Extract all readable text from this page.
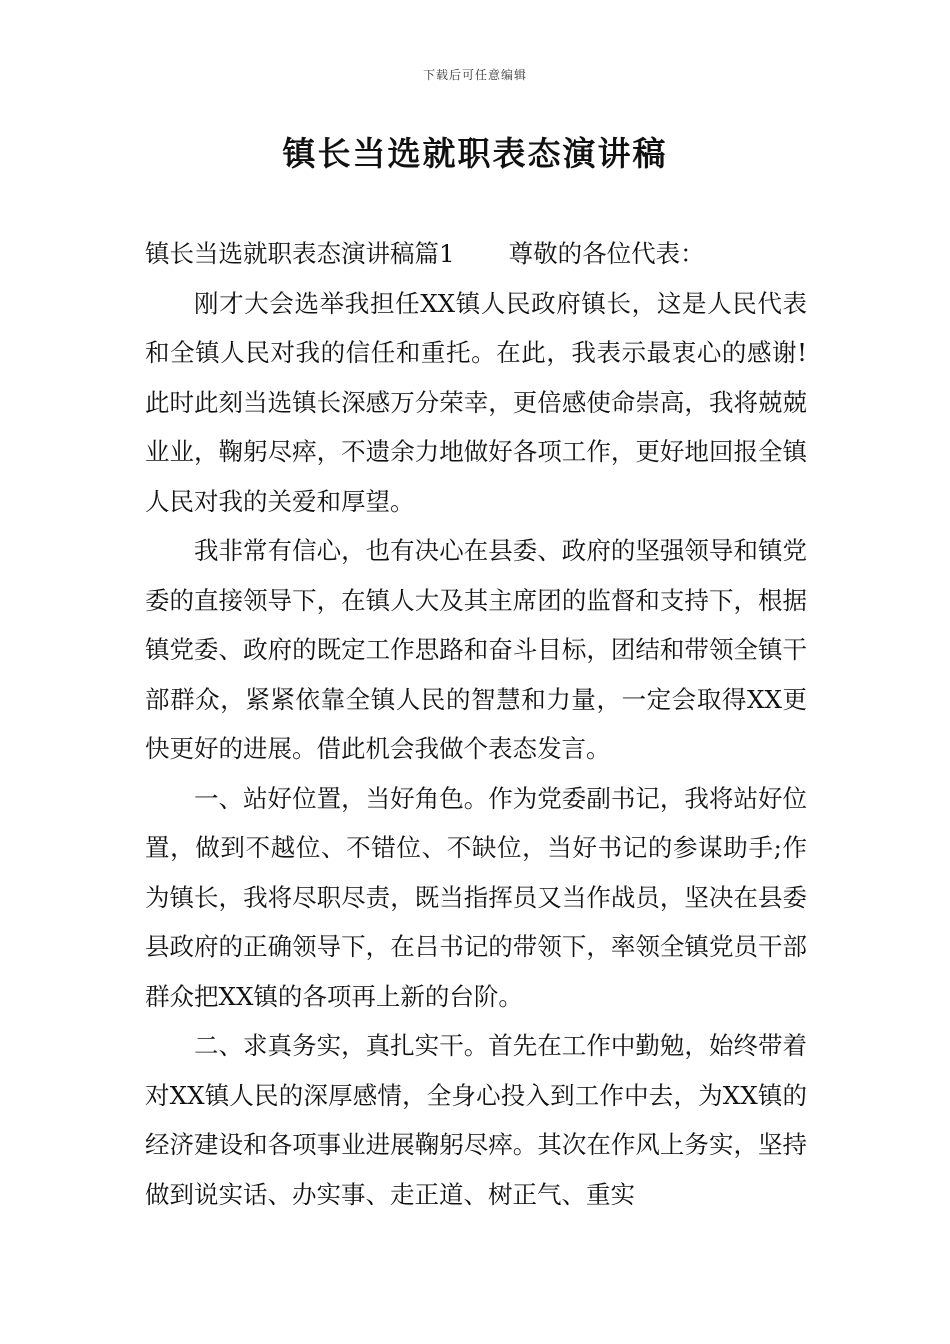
下载后可任意编辑
镇长当选就职表态演讲稿

镇长当选就职表态演讲稿篇1 尊敬的各位代表：

刚才大会选举我担任XX镇人民政府镇长，这是人民代表和全镇人民对我的信任和重托。在此，我表示最衷心的感谢!此时此刻当选镇长深感万分荣幸，更倍感使命崇高，我将兢兢业业，鞠躬尽瘁，不遗余力地做好各项工作，更好地回报全镇人民对我的关爱和厚望。

我非常有信心，也有决心在县委、政府的坚强领导和镇党委的直接领导下，在镇人大及其主席团的监督和支持下，根据镇党委、政府的既定工作思路和奋斗目标，团结和带领全镇干部群众，紧紧依靠全镇人民的智慧和力量，一定会取得XX更快更好的进展。借此机会我做个表态发言。

一、站好位置，当好角色。作为党委副书记，我将站好位置，做到不越位、不错位、不缺位，当好书记的参谋助手;作为镇长，我将尽职尽责，既当指挥员又当作战员，坚决在县委县政府的正确领导下，在吕书记的带领下，率领全镇党员干部群众把XX镇的各项再上新的台阶。

二、求真务实，真扎实干。首先在工作中勤勉，始终带着对XX镇人民的深厚感情，全身心投入到工作中去，为XX镇的经济建设和各项事业进展鞠躬尽瘁。其次在作风上务实，坚持做到说实话、办实事、走正道、树正气、重实
